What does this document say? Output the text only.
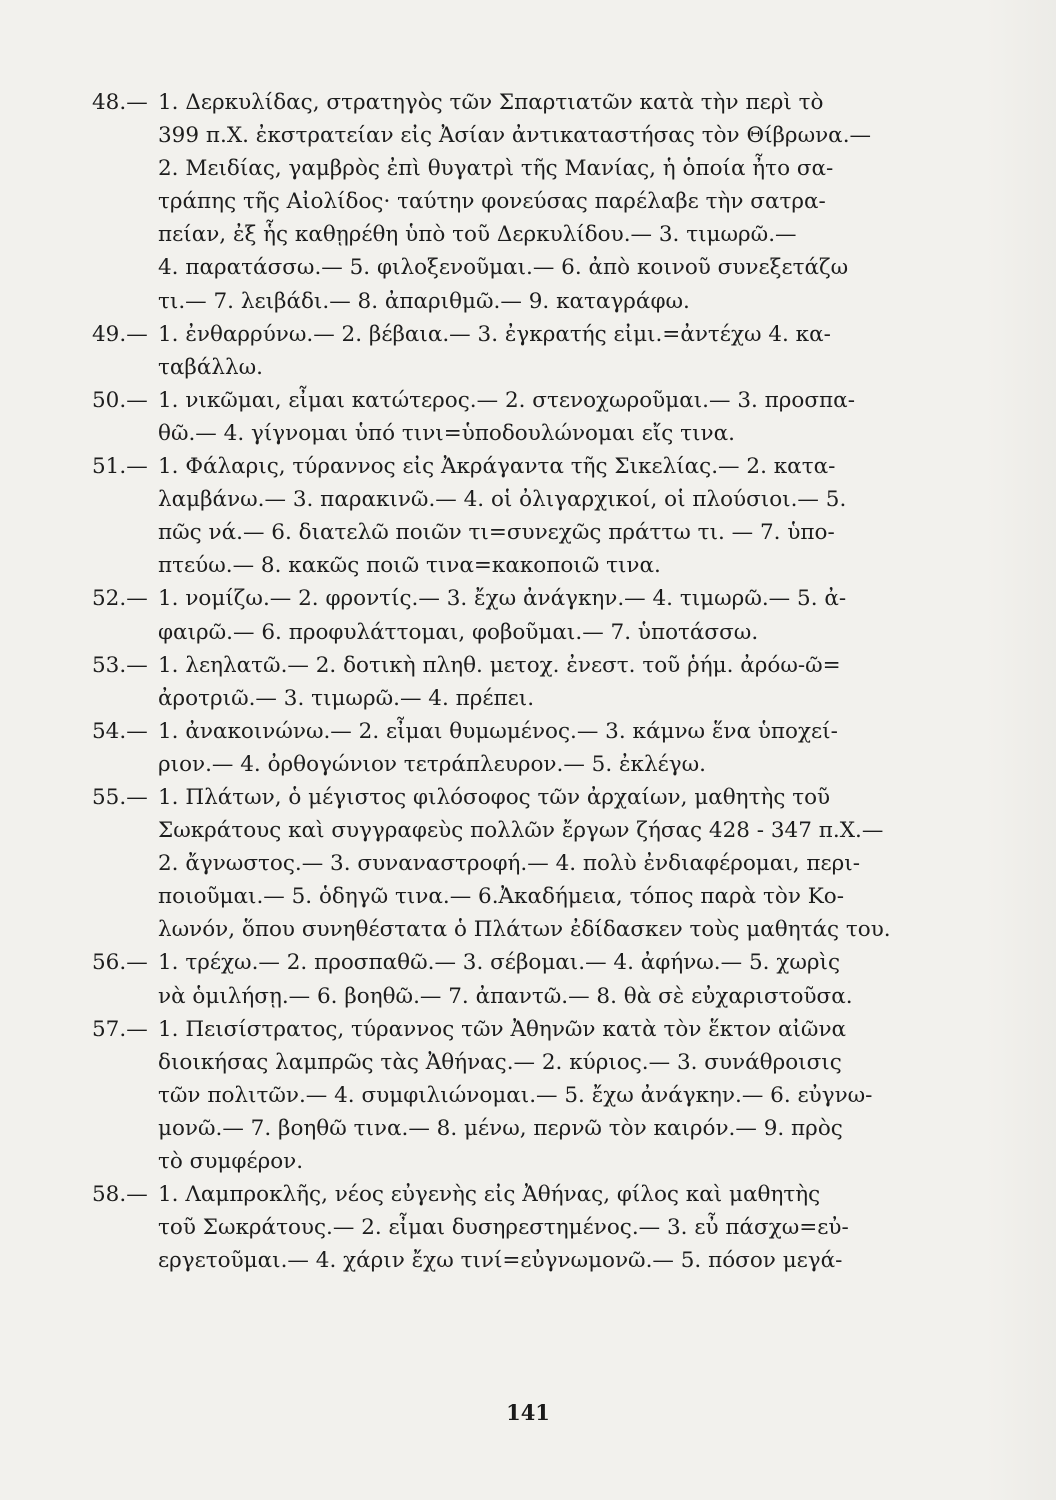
48.— 1. Δερκυλίδας, στρατηγὸς τῶν Σπαρτιατῶν κατὰ τὴν περὶ τὸ
399 π.Χ. ἐκστρατείαν εἰς Ἀσίαν ἀντικαταστήσας τὸν Θίβρωνα.—
2. Μειδίας, γαμβρὸς ἐπὶ θυγατρὶ τῆς Μανίας, ἡ ὁποία ἦτο σα-
τράπης τῆς Αἰολίδος· ταύτην φονεύσας παρέλαβε τὴν σατρα-
πείαν, ἐξ ἧς καθῃρέθη ὑπὸ τοῦ Δερκυλίδου.— 3. τιμωρῶ.—
4. παρατάσσω.— 5. φιλοξενοῦμαι.— 6. ἀπὸ κοινοῦ συνεξετάζω
τι.— 7. λειβάδι.— 8. ἀπαριθμῶ.— 9. καταγράφω.
49.— 1. ἐνθαρρύνω.— 2. βέβαια.— 3. ἐγκρατής εἰμι.=ἀντέχω 4. κα-
ταβάλλω.
50.— 1. νικῶμαι, εἶμαι κατώτερος.— 2. στενοχωροῦμαι.— 3. προσπα-
θῶ.— 4. γίγνομαι ὑπό τινι=ὑποδουλώνομαι εἴς τινα.
51.— 1. Φάλαρις, τύραννος εἰς Ἀκράγαντα τῆς Σικελίας.— 2. κατα-
λαμβάνω.— 3. παρακινῶ.— 4. οἱ ὀλιγαρχικοί, οἱ πλούσιοι.— 5.
πῶς νά.— 6. διατελῶ ποιῶν τι=συνεχῶς πράττω τι. — 7. ὑπο-
πτεύω.— 8. κακῶς ποιῶ τινα=κακοποιῶ τινα.
52.— 1. νομίζω.— 2. φροντίς.— 3. ἔχω ἀνάγκην.— 4. τιμωρῶ.— 5. ἀ-
φαιρῶ.— 6. προφυλάττομαι, φοβοῦμαι.— 7. ὑποτάσσω.
53.— 1. λεηλατῶ.— 2. δοτικὴ πληθ. μετοχ. ἐνεστ. τοῦ ῥήμ. ἀρόω-ῶ=
ἀροτριῶ.— 3. τιμωρῶ.— 4. πρέπει.
54.— 1. ἀνακοινώνω.— 2. εἶμαι θυμωμένος.— 3. κάμνω ἕνα ὑποχεί-
ριον.— 4. ὀρθογώνιον τετράπλευρον.— 5. ἐκλέγω.
55.— 1. Πλάτων, ὁ μέγιστος φιλόσοφος τῶν ἀρχαίων, μαθητὴς τοῦ
Σωκράτους καὶ συγγραφεὺς πολλῶν ἔργων ζήσας 428 - 347 π.Χ.—
2. ἄγνωστος.— 3. συναναστροφή.— 4. πολὺ ἐνδιαφέρομαι, περι-
ποιοῦμαι.— 5. ὁδηγῶ τινα.— 6.Ἀκαδήμεια, τόπος παρὰ τὸν Κο-
λωνόν, ὅπου συνηθέστατα ὁ Πλάτων ἐδίδασκεν τοὺς μαθητάς του.
56.— 1. τρέχω.— 2. προσπαθῶ.— 3. σέβομαι.— 4. ἀφήνω.— 5. χωρὶς
νὰ ὁμιλήσῃ.— 6. βοηθῶ.— 7. ἀπαντῶ.— 8. θὰ σὲ εὐχαριστοῦσα.
57.— 1. Πεισίστρατος, τύραννος τῶν Ἀθηνῶν κατὰ τὸν ἕκτον αἰῶνα
διοικήσας λαμπρῶς τὰς Ἀθήνας.— 2. κύριος.— 3. συνάθροισις
τῶν πολιτῶν.— 4. συμφιλιώνομαι.— 5. ἔχω ἀνάγκην.— 6. εὐγνω-
μονῶ.— 7. βοηθῶ τινα.— 8. μένω, περνῶ τὸν καιρόν.— 9. πρὸς
τὸ συμφέρον.
58.— 1. Λαμπροκλῆς, νέος εὐγενὴς εἰς Ἀθήνας, φίλος καὶ μαθητὴς
τοῦ Σωκράτους.— 2. εἶμαι δυσηρεστημένος.— 3. εὖ πάσχω=εὐ-
εργετοῦμαι.— 4. χάριν ἔχω τινί=εὐγνωμονῶ.— 5. πόσον μεγά-
141
